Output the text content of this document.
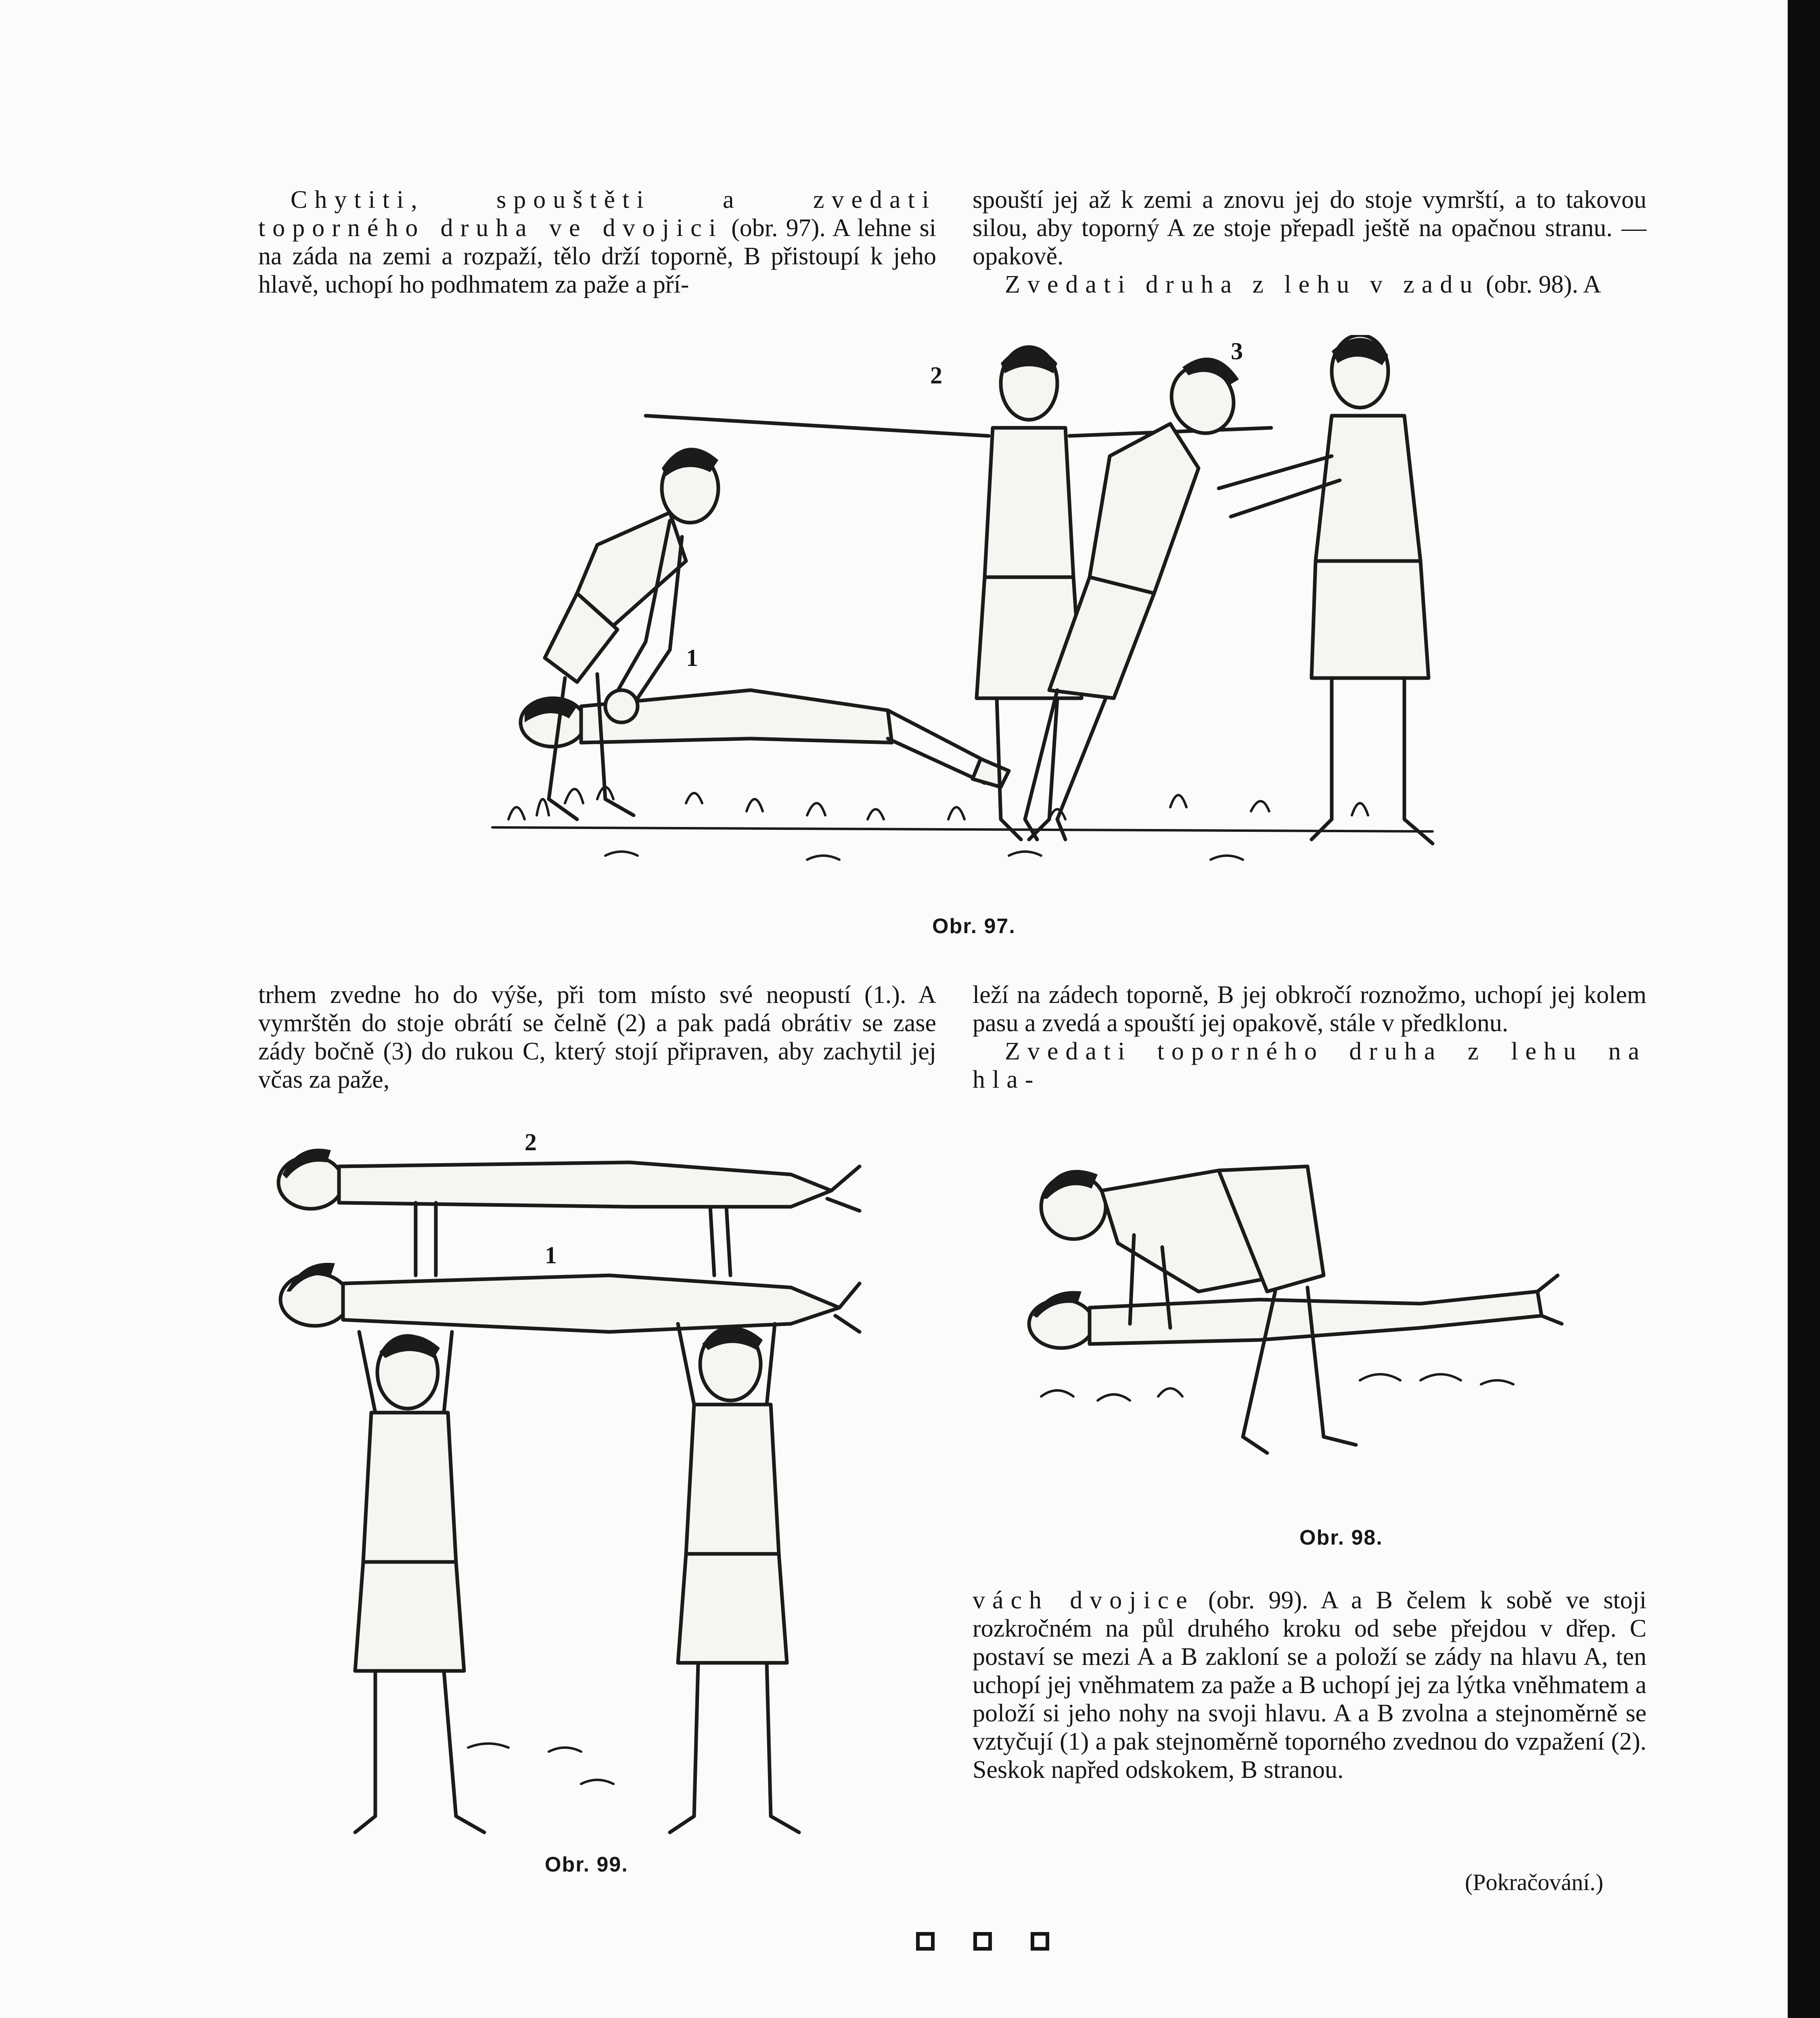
Chytiti, spouštěti a zvedati toporného druha ve dvojici (obr. 97). A lehne si na záda na zemi a rozpaží, tělo drží toporně, B přistoupí k jeho hlavě, uchopí ho podhmatem za paže a pří-

spouští jej až k zemi a znovu jej do stoje vymrští, a to takovou silou, aby toporný A ze stoje přepadl ještě na opačnou stranu. — opakově.

Zvedati druha z lehu v zadu (obr. 98). A

2
3
1
Obr. 97.

trhem zvedne ho do výše, při tom místo své neopustí (1.). A vymrštěn do stoje obrátí se čelně (2) a pak padá obrátiv se zase zády bočně (3) do rukou C, který stojí připraven, aby zachytil jej včas za paže,

leží na zádech toporně, B jej obkročí roznožmo, uchopí jej kolem pasu a zvedá a spouští jej opakově, stále v předklonu.

Zvedati toporného druha z lehu na hla-

2
1
Obr. 99.
Obr. 98.

vách dvojice (obr. 99). A a B čelem k sobě ve stoji rozkročném na půl druhého kroku od sebe přejdou v dřep. C postaví se mezi A a B zakloní se a položí se zády na hlavu A, ten uchopí jej vněhmatem za paže a B uchopí jej za lýtka vněhmatem a položí si jeho nohy na svoji hlavu. A a B zvolna a stejnoměrně se vztyčují (1) a pak stejnoměrně toporného zvednou do vzpažení (2). Seskok napřed odskokem, B stranou.

(Pokračování.)
